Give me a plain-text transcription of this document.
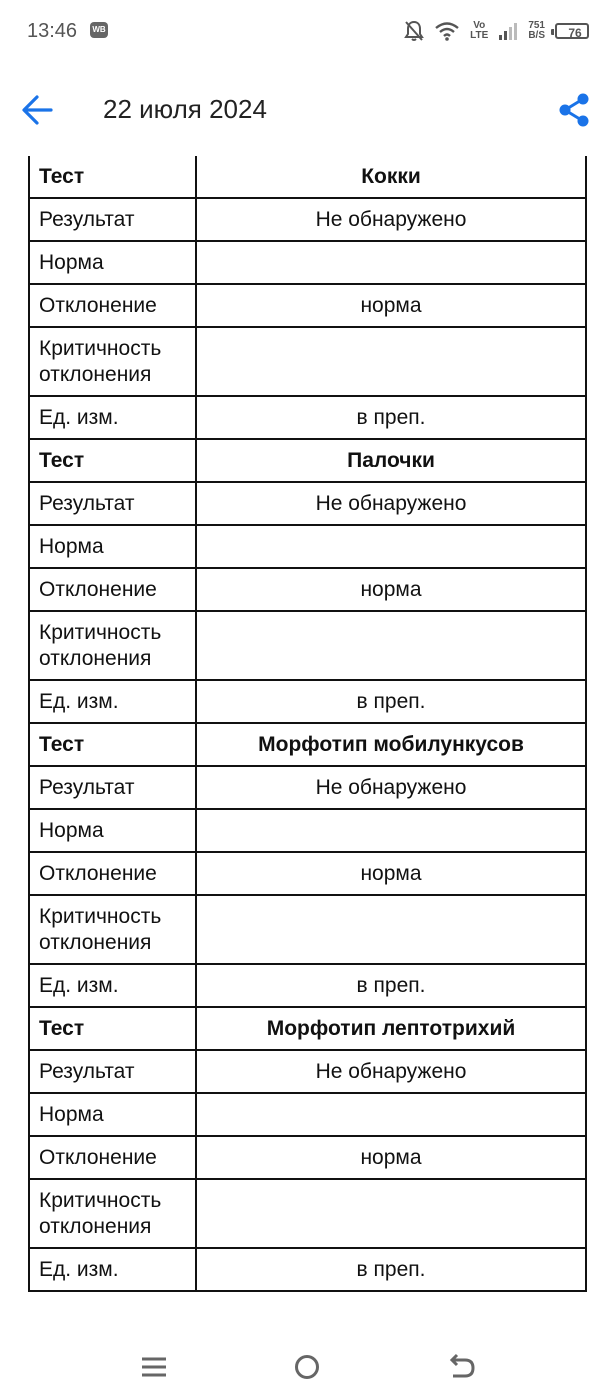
13:46 WB	Vo
LTE
751
B/S	76
22 июля 2024
Тест	Кокки
Результат	Не обнаружено
Норма	
Отклонение	норма
Критичность отклонения	
Ед. изм.	в преп.
Тест	Палочки
Результат	Не обнаружено
Норма	
Отклонение	норма
Критичность отклонения	
Ед. изм.	в преп.
Тест	Морфотип мобилункусов
Результат	Не обнаружено
Норма	
Отклонение	норма
Критичность отклонения	
Ед. изм.	в преп.
Тест	Морфотип лептотрихий
Результат	Не обнаружено
Норма	
Отклонение	норма
Критичность отклонения	
Ед. изм.	в преп.
